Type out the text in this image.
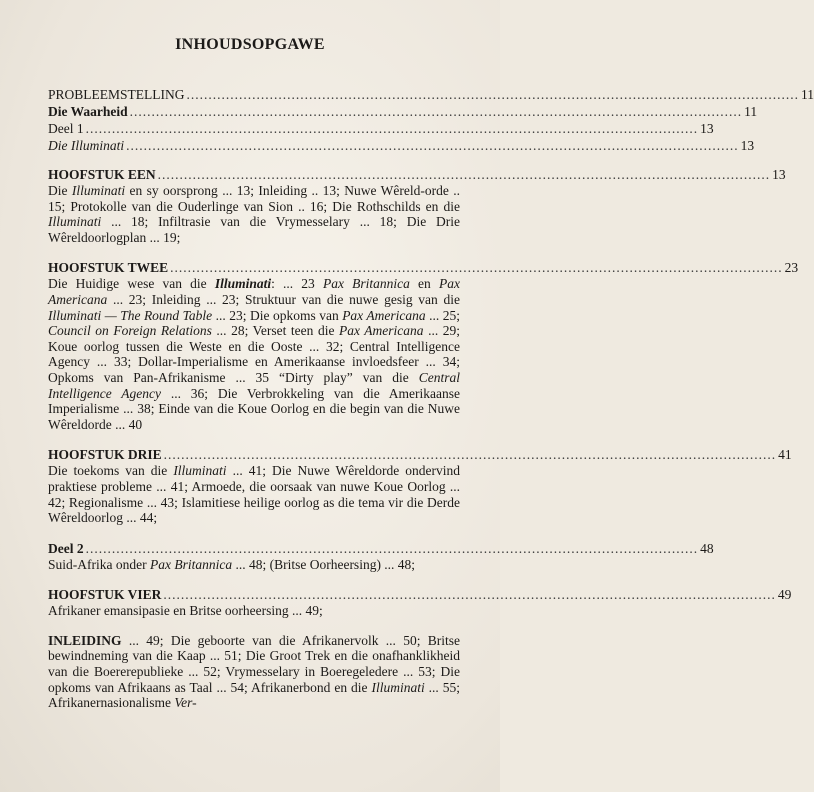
INHOUDSOPGAWE
PROBLEEMSTELLING ............................................................................................................................................ 11
Die Waarheid ............................................................................................................................................ 11
Deel 1 ............................................................................................................................................ 13
Die Illuminati ............................................................................................................................................ 13
HOOFSTUK EEN ............................................................................................................................................ 13

Die Illuminati en sy oorsprong ... 13; Inleiding .. 13; Nuwe Wêreld-orde .. 15; Protokolle van die Ouderlinge van Sion .. 16; Die Rothschilds en die Illuminati ... 18; Infiltrasie van die Vrymesselary ... 18; Die Drie Wêreldoorlogplan ... 19;

HOOFSTUK TWEE ............................................................................................................................................ 23

Die Huidige wese van die Illuminati: ... 23 Pax Britannica en Pax Americana ... 23; Inleiding ... 23; Struktuur van die nuwe gesig van die Illuminati — The Round Table ... 23; Die opkoms van Pax Americana ... 25; Council on Foreign Relations ... 28; Verset teen die Pax Americana ... 29; Koue oorlog tussen die Weste en die Ooste ... 32; Central Intelligence Agency ... 33; Dollar-Imperialisme en Amerikaanse invloedsfeer ... 34; Opkoms van Pan-Afrikanisme ... 35 “Dirty play” van die Central Intelligence Agency ... 36; Die Verbrokkeling van die Amerikaanse Imperialisme ... 38; Einde van die Koue Oorlog en die begin van die Nuwe Wêreldorde ... 40

HOOFSTUK DRIE ............................................................................................................................................ 41

Die toekoms van die Illuminati ... 41; Die Nuwe Wêreldorde ondervind praktiese probleme ... 41; Armoede, die oorsaak van nuwe Koue Oorlog ... 42; Regionalisme ... 43; Islamitiese heilige oorlog as die tema vir die Derde Wêreldoorlog ... 44;

Deel 2 ............................................................................................................................................ 48

Suid-Afrika onder Pax Britannica ... 48; (Britse Oorheersing) ... 48;

HOOFSTUK VIER ............................................................................................................................................ 49

Afrikaner emansipasie en Britse oorheersing ... 49;

INLEIDING ... 49; Die geboorte van die Afrikanervolk ... 50; Britse bewindneming van die Kaap ... 51; Die Groot Trek en die onafhanklikheid van die Boererepublieke ... 52; Vrymesselary in Boeregeledere ... 53; Die opkoms van Afrikaans as Taal ... 54; Afrikanerbond en die Illuminati ... 55; Afrikanernasionalisme Ver-
